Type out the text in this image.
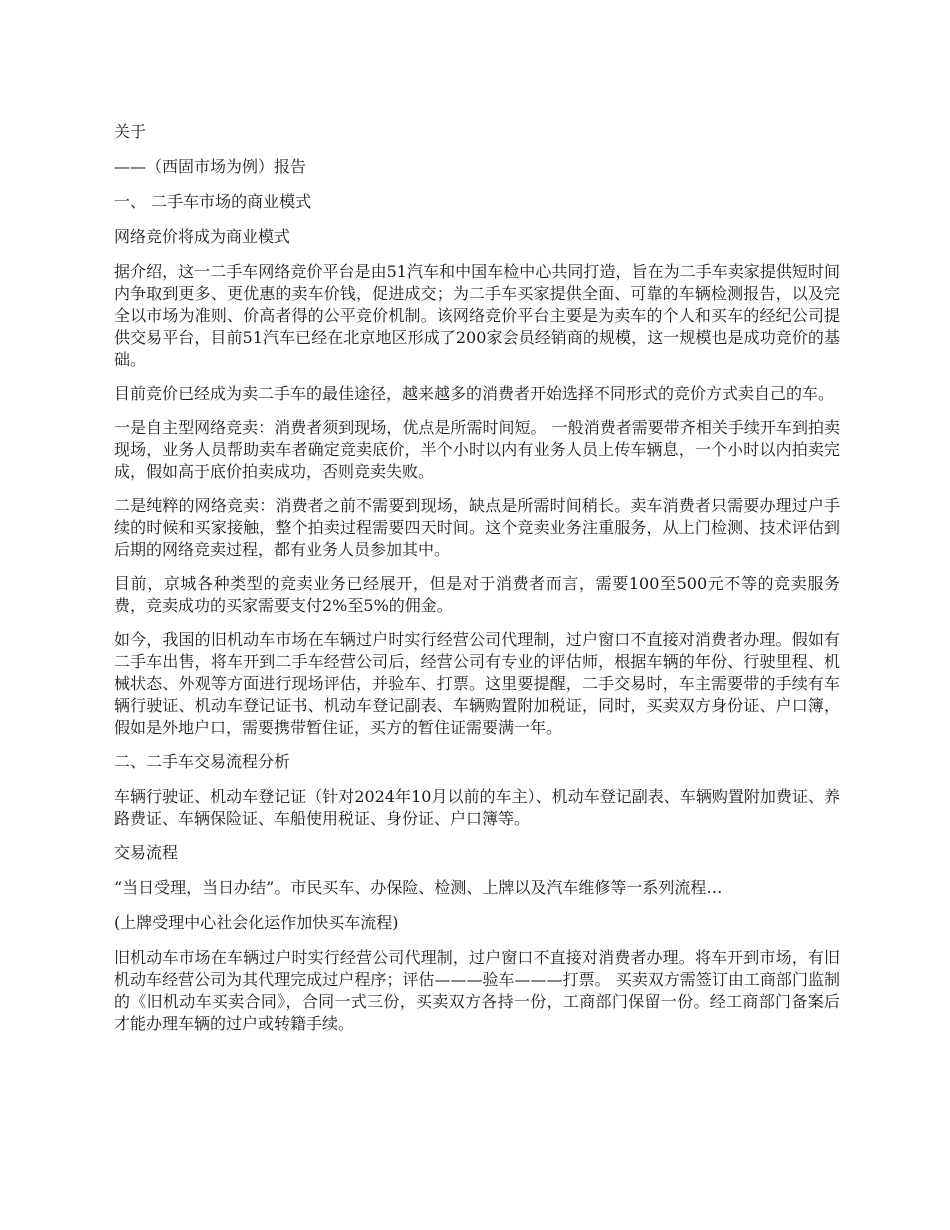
关于

——（西固市场为例）报告

一、 二手车市场的商业模式

网络竞价将成为商业模式

据介绍，这一二手车网络竞价平台是由51汽车和中国车检中心共同打造，旨在为二手车卖家提供短时间内争取到更多、更优惠的卖车价钱，促进成交；为二手车买家提供全面、可靠的车辆检测报告，以及完全以市场为准则、价高者得的公平竞价机制。该网络竞价平台主要是为卖车的个人和买车的经纪公司提供交易平台，目前51汽车已经在北京地区形成了200家会员经销商的规模，这一规模也是成功竞价的基础。

目前竞价已经成为卖二手车的最佳途径，越来越多的消费者开始选择不同形式的竞价方式卖自己的车。

一是自主型网络竞卖：消费者须到现场，优点是所需时间短。 一般消费者需要带齐相关手续开车到拍卖现场，业务人员帮助卖车者确定竞卖底价，半个小时以内有业务人员上传车辆息，一个小时以内拍卖完成，假如高于底价拍卖成功，否则竞卖失败。

二是纯粹的网络竞卖：消费者之前不需要到现场，缺点是所需时间稍长。卖车消费者只需要办理过户手续的时候和买家接触，整个拍卖过程需要四天时间。这个竞卖业务注重服务，从上门检测、技术评估到后期的网络竞卖过程，都有业务人员参加其中。

目前，京城各种类型的竞卖业务已经展开，但是对于消费者而言，需要100至500元不等的竞卖服务费，竞卖成功的买家需要支付2%至5%的佣金。

如今，我国的旧机动车市场在车辆过户时实行经营公司代理制，过户窗口不直接对消费者办理。假如有二手车出售，将车开到二手车经营公司后，经营公司有专业的评估师，根据车辆的年份、行驶里程、机械状态、外观等方面进行现场评估，并验车、打票。这里要提醒，二手交易时，车主需要带的手续有车辆行驶证、机动车登记证书、机动车登记副表、车辆购置附加税证，同时，买卖双方身份证、户口簿，假如是外地户口，需要携带暂住证，买方的暂住证需要满一年。

二、二手车交易流程分析

车辆行驶证、机动车登记证（针对2024年10月以前的车主）、机动车登记副表、车辆购置附加费证、养路费证、车辆保险证、车船使用税证、身份证、户口簿等。

交易流程

“当日受理，当日办结”。市民买车、办保险、检测、上牌以及汽车维修等一系列流程…

(上牌受理中心社会化运作加快买车流程)

旧机动车市场在车辆过户时实行经营公司代理制，过户窗口不直接对消费者办理。将车开到市场，有旧机动车经营公司为其代理完成过户程序；评估———验车———打票。 买卖双方需签订由工商部门监制的《旧机动车买卖合同》，合同一式三份，买卖双方各持一份，工商部门保留一份。经工商部门备案后才能办理车辆的过户或转籍手续。
